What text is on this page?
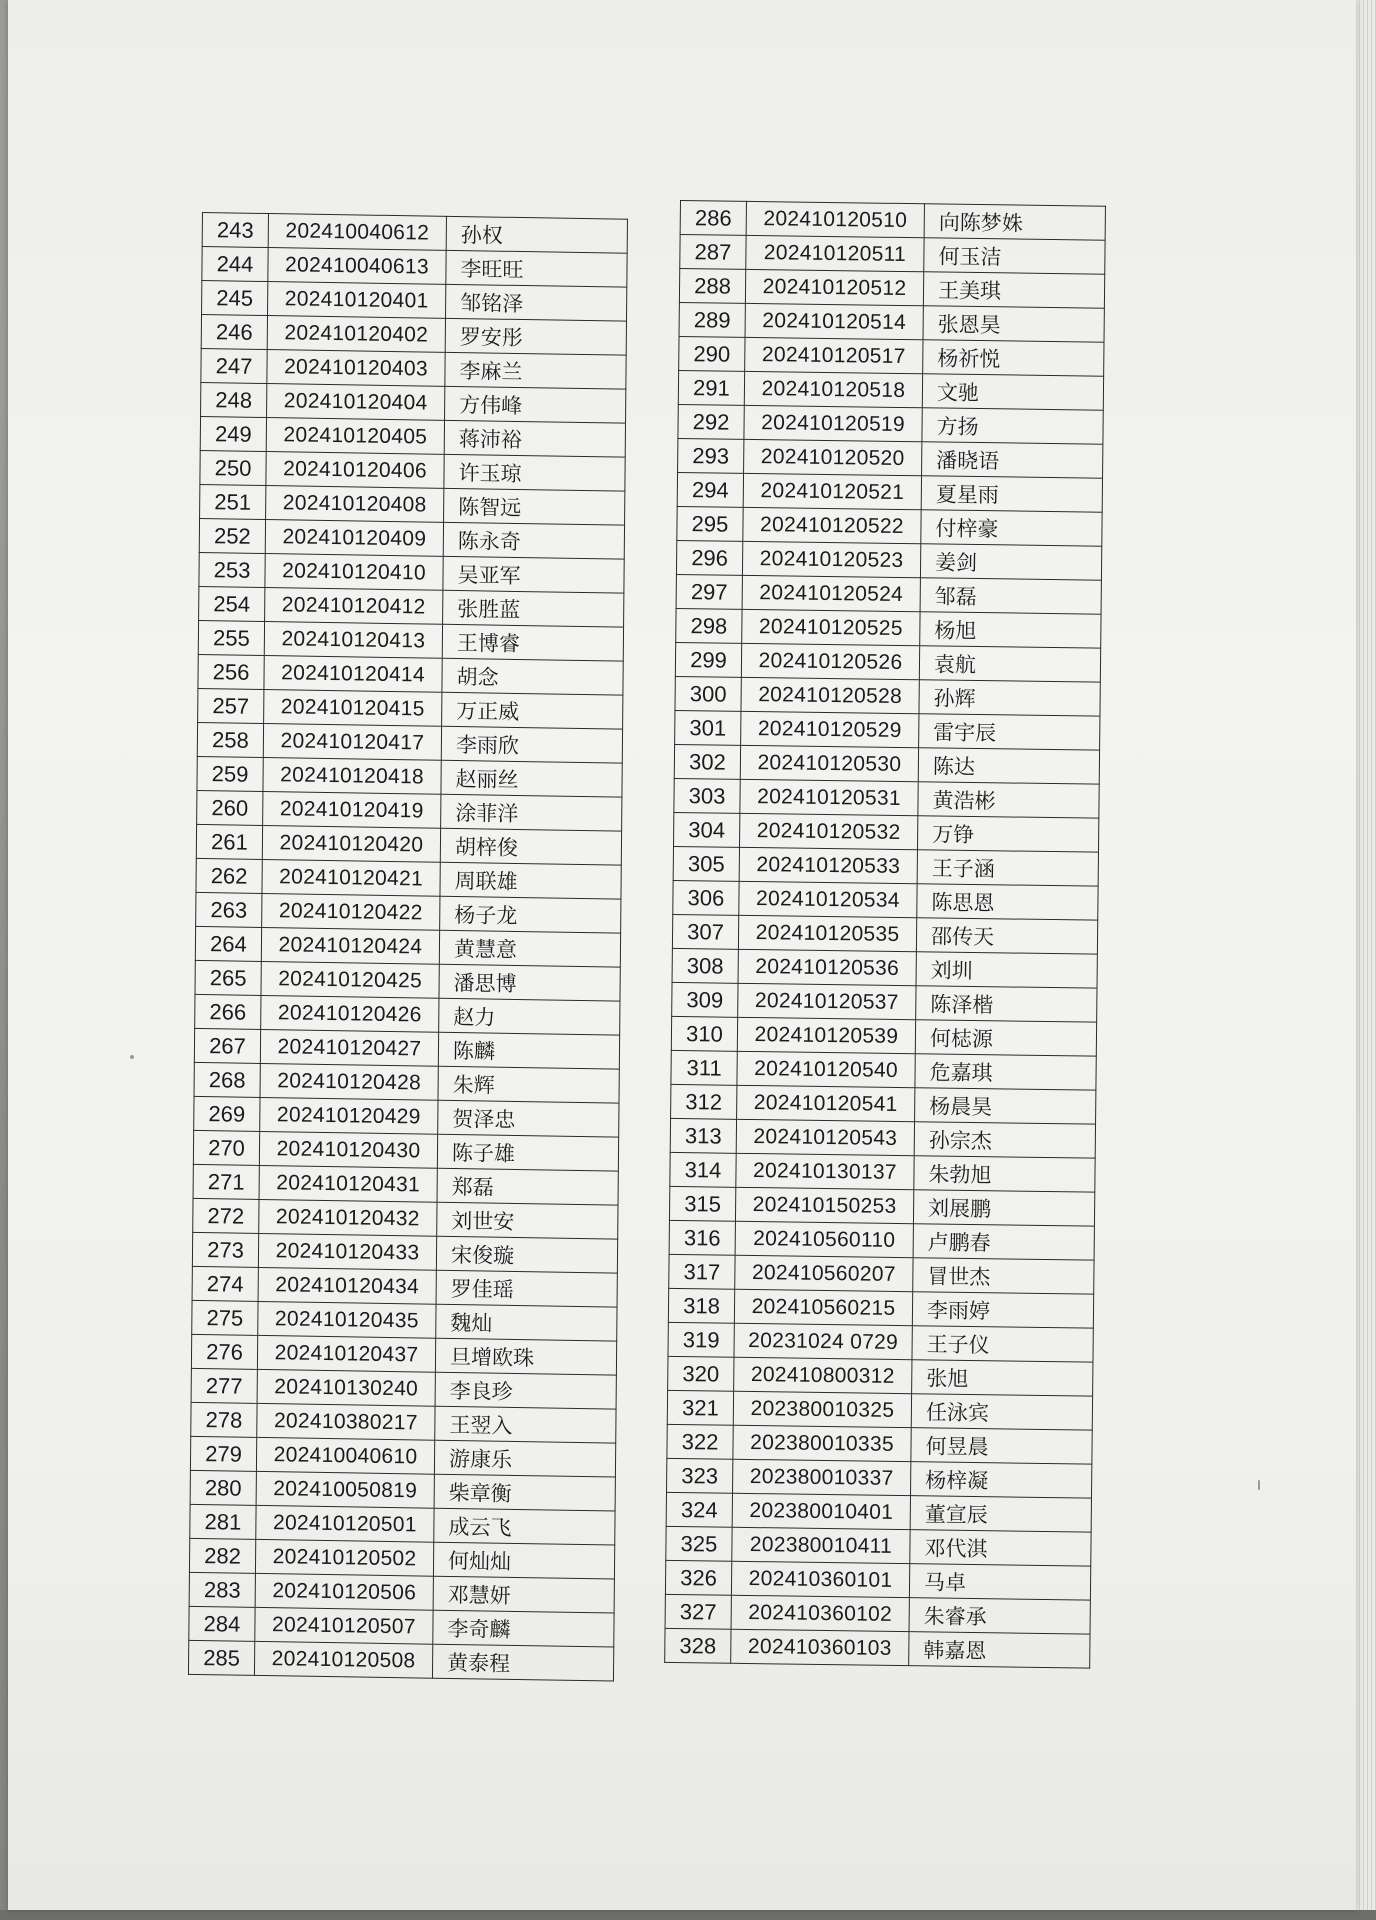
243	202410040612	孙权
244	202410040613	李旺旺
245	202410120401	邹铭泽
246	202410120402	罗安彤
247	202410120403	李麻兰
248	202410120404	方伟峰
249	202410120405	蒋沛裕
250	202410120406	许玉琼
251	202410120408	陈智远
252	202410120409	陈永奇
253	202410120410	吴亚军
254	202410120412	张胜蓝
255	202410120413	王博睿
256	202410120414	胡念
257	202410120415	万正威
258	202410120417	李雨欣
259	202410120418	赵丽丝
260	202410120419	涂菲洋
261	202410120420	胡梓俊
262	202410120421	周联雄
263	202410120422	杨子龙
264	202410120424	黄慧意
265	202410120425	潘思博
266	202410120426	赵力
267	202410120427	陈麟
268	202410120428	朱辉
269	202410120429	贺泽忠
270	202410120430	陈子雄
271	202410120431	郑磊
272	202410120432	刘世安
273	202410120433	宋俊璇
274	202410120434	罗佳瑶
275	202410120435	魏灿
276	202410120437	旦增欧珠
277	202410130240	李良珍
278	202410380217	王翌入
279	202410040610	游康乐
280	202410050819	柴章衡
281	202410120501	成云飞
282	202410120502	何灿灿
283	202410120506	邓慧妍
284	202410120507	李奇麟
285	202410120508	黄泰程
286	202410120510	向陈梦姝
287	202410120511	何玉洁
288	202410120512	王美琪
289	202410120514	张恩昊
290	202410120517	杨祈悦
291	202410120518	文驰
292	202410120519	方扬
293	202410120520	潘晓语
294	202410120521	夏星雨
295	202410120522	付梓豪
296	202410120523	姜剑
297	202410120524	邹磊
298	202410120525	杨旭
299	202410120526	袁航
300	202410120528	孙辉
301	202410120529	雷宇辰
302	202410120530	陈达
303	202410120531	黄浩彬
304	202410120532	万铮
305	202410120533	王子涵
306	202410120534	陈思恩
307	202410120535	邵传天
308	202410120536	刘圳
309	202410120537	陈泽楷
310	202410120539	何梽源
311	202410120540	危嘉琪
312	202410120541	杨晨昊
313	202410120543	孙宗杰
314	202410130137	朱勃旭
315	202410150253	刘展鹏
316	202410560110	卢鹏春
317	202410560207	冒世杰
318	202410560215	李雨婷
319	20231024 0729	王子仪
320	202410800312	张旭
321	202380010325	任泳宾
322	202380010335	何昱晨
323	202380010337	杨梓凝
324	202380010401	董宣辰
325	202380010411	邓代淇
326	202410360101	马卓
327	202410360102	朱睿承
328	202410360103	韩嘉恩
